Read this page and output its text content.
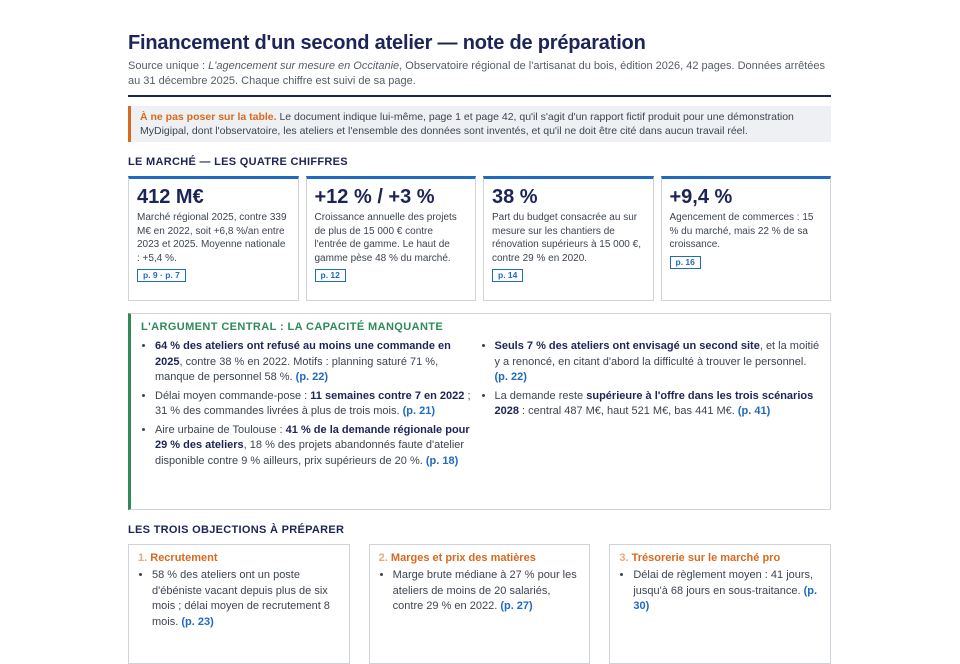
Financement d'un second atelier — note de préparation
Source unique : L'agencement sur mesure en Occitanie, Observatoire régional de l'artisanat du bois, édition 2026, 42 pages. Données arrêtées au 31 décembre 2025. Chaque chiffre est suivi de sa page.
À ne pas poser sur la table. Le document indique lui-même, page 1 et page 42, qu'il s'agit d'un rapport fictif produit pour une démonstration MyDigipal, dont l'observatoire, les ateliers et l'ensemble des données sont inventés, et qu'il ne doit être cité dans aucun travail réel.
LE MARCHÉ — LES QUATRE CHIFFRES
412 M€
Marché régional 2025, contre 339 M€ en 2022, soit +6,8 %/an entre 2023 et 2025. Moyenne nationale : +5,4 %.
p. 9 · p. 7
+12 % / +3 %
Croissance annuelle des projets de plus de 15 000 € contre l'entrée de gamme. Le haut de gamme pèse 48 % du marché.
p. 12
38 %
Part du budget consacrée au sur mesure sur les chantiers de rénovation supérieurs à 15 000 €, contre 29 % en 2020.
p. 14
+9,4 %
Agencement de commerces : 15 % du marché, mais 22 % de sa croissance.
p. 16
L'ARGUMENT CENTRAL : LA CAPACITÉ MANQUANTE
• 64 % des ateliers ont refusé au moins une commande en 2025, contre 38 % en 2022. Motifs : planning saturé 71 %, manque de personnel 58 %. (p. 22)
• Délai moyen commande-pose : 11 semaines contre 7 en 2022 ; 31 % des commandes livrées à plus de trois mois. (p. 21)
• Aire urbaine de Toulouse : 41 % de la demande régionale pour 29 % des ateliers, 18 % des projets abandonnés faute d'atelier disponible contre 9 % ailleurs, prix supérieurs de 20 %. (p. 18)
• Seuls 7 % des ateliers ont envisagé un second site, et la moitié y a renoncé, en citant d'abord la difficulté à trouver le personnel. (p. 22)
• La demande reste supérieure à l'offre dans les trois scénarios 2028 : central 487 M€, haut 521 M€, bas 441 M€. (p. 41)
LES TROIS OBJECTIONS À PRÉPARER
1. Recrutement
• 58 % des ateliers ont un poste d'ébéniste vacant depuis plus de six mois ; délai moyen de recrutement 8 mois. (p. 23)
2. Marges et prix des matières
• Marge brute médiane à 27 % pour les ateliers de moins de 20 salariés, contre 29 % en 2022. (p. 27)
3. Trésorerie sur le marché pro
• Délai de règlement moyen : 41 jours, jusqu'à 68 jours en sous-traitance. (p. 30)
